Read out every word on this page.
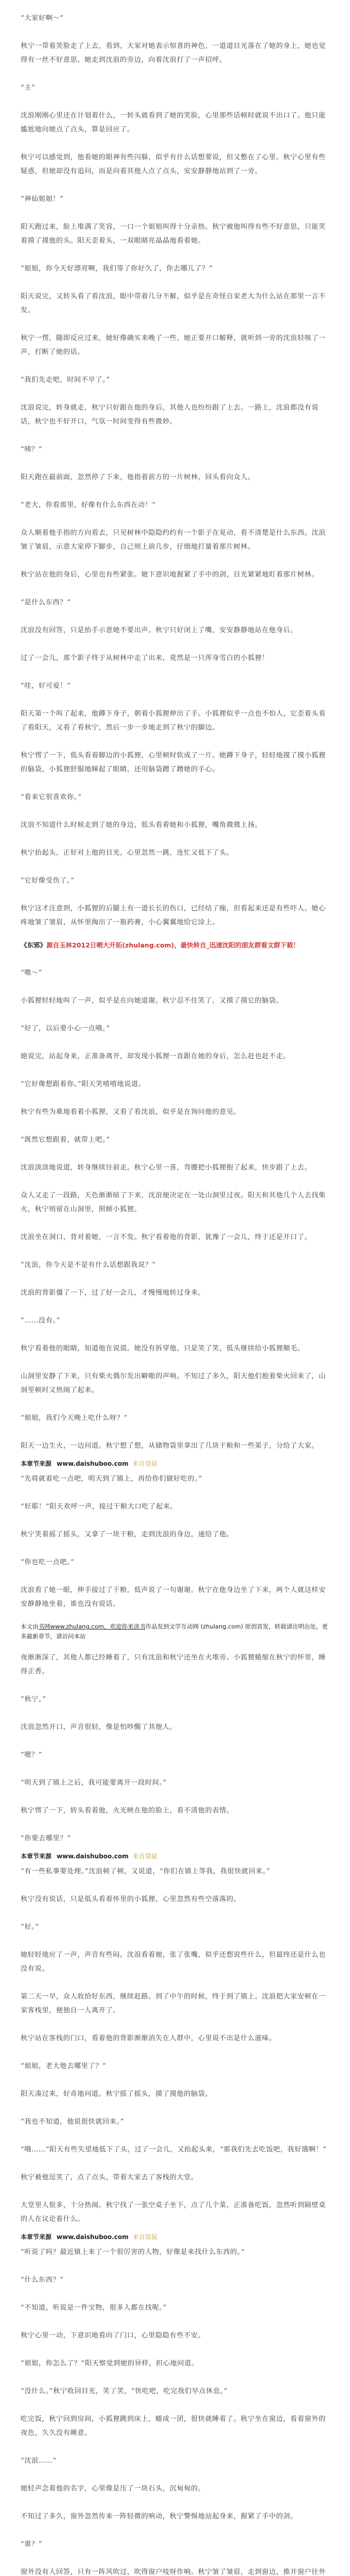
“大家好啊～”

秋宁一带着笑脸走了上去，看到，大家对她表示惊喜的神色，一道道目光落在了她的身上，她也觉得有一丝不好意思。她走到沈浪的旁边，向着沈浪打了一声招呼。

“主”

沈浪刚刚心里还在计划着什么，一转头就看到了她的笑脸，心里那些话顿时就说不出口了。他只能尴尬地向她点了点头，算是回应了。

秋宁可以感觉到，他看她的眼神有些闪躲，似乎有什么话想要说，但又憋在了心里。秋宁心里有些疑惑，但她却没有追问，而是向着其他人点了点头，安安静静地站到了一旁。

“神仙姐姐！”

阳天跑过来，脸上堆满了笑容，一口一个姐姐叫得十分亲热。秋宁被他叫得有些不好意思，只能笑着摸了摸他的头。阳天歪着头，一双眼睛亮晶晶地看着她。

“姐姐，你今天好漂亮啊，我们等了你好久了，你去哪儿了？”

阳天说完，又转头看了看沈浪，眼中带着几分不解，似乎是在奇怪自家老大为什么站在那里一言不发。

秋宁一愣，随即反应过来，她好像确实来晚了一些。她正要开口解释，就听到一旁的沈浪轻咳了一声，打断了她的话。

“我们先走吧，时间不早了。”

沈浪说完，转身就走，秋宁只好跟在他的身后，其他人也纷纷跟了上去。一路上，沈浪都没有说话，秋宁也不好开口，气氛一时间变得有些微妙。

“咦？”

阳天跑在最前面，忽然停了下来，他指着前方的一片树林，回头看向众人。

“老大，你看那里，好像有什么东西在动！”

众人顺着他手指的方向看去，只见树林中隐隐约约有一个影子在晃动，看不清楚是什么东西。沈浪皱了皱眉，示意大家停下脚步，自己则上前几步，仔细地打量着那片树林。

秋宁站在他的身后，心里也有些紧张。她下意识地握紧了手中的剑，目光紧紧地盯着那片树林。

“是什么东西？”

沈浪没有回答，只是抬手示意她不要出声。秋宁只好闭上了嘴，安安静静地站在他身后。

过了一会儿，那个影子终于从树林中走了出来，竟然是一只浑身雪白的小狐狸！

“哇，好可爱！”

阳天第一个叫了起来，他蹲下身子，朝着小狐狸伸出了手。小狐狸似乎一点也不怕人，它歪着头看了看阳天，又看了看秋宁，然后一步一步地走到了秋宁的脚边。

秋宁愣了一下，低头看着脚边的小狐狸，心里顿时软成了一片。她蹲下身子，轻轻地摸了摸小狐狸的脑袋，小狐狸舒服地眯起了眼睛，还用脑袋蹭了蹭她的手心。

“看来它很喜欢你。”

沈浪不知道什么时候走到了她的身边，低头看着她和小狐狸，嘴角微微上扬。

秋宁抬起头，正好对上他的目光，心里忽然一跳，连忙又低下了头。

“它好像受伤了。”

秋宁这才注意到，小狐狸的后腿上有一道长长的伤口，已经结了痂，但看起来还是有些吓人。她心疼地皱了皱眉，从怀里掏出了一瓶药膏，小心翼翼地给它涂上。

《东邪》源自玉林2012日晒大开拓(zhulang.com)，最快转自_迅速沈阳的朋友群看文群下载！

“嗷～”

小狐狸轻轻地叫了一声，似乎是在向她道谢。秋宁忍不住笑了，又摸了摸它的脑袋。

“好了，以后要小心一点哦。”

她说完，站起身来，正准备离开，却发现小狐狸一直跟在她的身后，怎么赶也赶不走。

“它好像想跟着你。”阳天笑嘻嘻地说道。

秋宁有些为难地看着小狐狸，又看了看沈浪，似乎是在询问他的意见。

“既然它想跟着，就带上吧。”

沈浪淡淡地说道，转身继续往前走。秋宁心里一喜，弯腰把小狐狸抱了起来，快步跟了上去。

众人又走了一段路，天色渐渐暗了下来，沈浪便决定在一处山洞里过夜。阳天和其他几个人去找柴火，秋宁则留在山洞里，照顾小狐狸。

沈浪坐在洞口，背对着她，一言不发。秋宁看着他的背影，犹豫了一会儿，终于还是开口了。

“沈浪，你今天是不是有什么话想跟我说？”

沈浪的背影僵了一下，过了好一会儿，才慢慢地转过身来。

“……没有。”

秋宁看着他的眼睛，知道他在说谎。她没有拆穿他，只是笑了笑，低头继续给小狐狸顺毛。

山洞里安静了下来，只有柴火偶尔发出噼啪的声响。不知过了多久，阳天他们抱着柴火回来了，山洞里顿时又热闹了起来。

“姐姐，我们今天晚上吃什么呀？”

阳天一边生火，一边问道。秋宁想了想，从储物袋里拿出了几块干粮和一些果子，分给了大家。

本章节来源 www.daishuboo.com 来自袋鼠

“先将就着吃一点吧，明天到了镇上，再给你们做好吃的。”

“好耶！”阳天欢呼一声，接过干粮大口吃了起来。

秋宁笑着摇了摇头，又拿了一块干粮，走到沈浪的身边，递给了他。

“你也吃一点吧。”

沈浪看了她一眼，伸手接过了干粮，低声说了一句谢谢。秋宁在他身边坐了下来，两个人就这样安安静静地坐着，谁也没有说话。

本文由书网www.zhulang.com，欢迎你来读书作品发到文学互动网 (zhulang.com) 原创首发，转载请注明出处，更多最新章节，请访问本站

夜渐渐深了，其他人都已经睡着了，只有沈浪和秋宁还坐在火堆旁。小狐狸蜷缩在秋宁的怀里，睡得正香。

“秋宁。”

沈浪忽然开口，声音很轻，像是怕吵醒了其他人。

“嗯？”

“明天到了镇上之后，我可能要离开一段时间。”

秋宁愣了一下，转头看着他，火光映在他的脸上，看不清他的表情。

“你要去哪里？”

本章节来源 www.daishuboo.com 来自袋鼠

“有一些私事要处理。”沈浪顿了顿，又说道，“你们在镇上等我，我很快就回来。”

秋宁没有说话，只是低头看着怀里的小狐狸，心里忽然有些空落落的。

“好。”

她轻轻地应了一声，声音有些闷。沈浪看着她，张了张嘴，似乎还想说些什么，但最终还是什么也没有说。

第二天一早，众人收拾好东西，继续赶路。到了中午的时候，终于到了镇上。沈浪把大家安顿在一家客栈里，便独自一人离开了。

秋宁站在客栈的门口，看着他的背影渐渐消失在人群中，心里说不出是什么滋味。

“姐姐，老大他去哪里了？”

阳天凑过来，好奇地问道。秋宁摇了摇头，摸了摸他的脑袋。

“我也不知道，他说很快就回来。”

“哦……”阳天有些失望地低下了头，过了一会儿，又抬起头来，“那我们先去吃饭吧，我好饿啊！”

秋宁被他逗笑了，点了点头，带着大家去了客栈的大堂。

大堂里人很多，十分热闹。秋宁找了一张空桌子坐下，点了几个菜，正准备吃饭，忽然听到隔壁桌的人在议论着什么。

本章节来源 www.daishuboo.com 来自袋鼠

“听说了吗？最近镇上来了一个很厉害的人物，好像是来找什么东西的。”

“什么东西？”

“不知道，听说是一件宝物，很多人都在找呢。”

秋宁心里一动，下意识地看向了门口，心里隐隐有些不安。

“姐姐，你怎么了？”阳天察觉到她的异样，担心地问道。

“没什么。”秋宁收回目光，笑了笑，“快吃吧，吃完我们早点休息。”

吃完饭，秋宁回到房间，小狐狸跳到床上，蜷成一团，很快就睡着了。秋宁坐在窗边，看着窗外的夜色，久久没有睡意。

“沈浪……”

她轻声念着他的名字，心里像是压了一块石头，沉甸甸的。

不知过了多久，窗外忽然传来一阵轻微的响动，秋宁警惕地站起身来，握紧了手中的剑。

“谁？”

窗外没有人回答，只有一阵风吹过，吹得窗户吱呀作响。秋宁皱了皱眉，走到窗边，推开窗户往外
